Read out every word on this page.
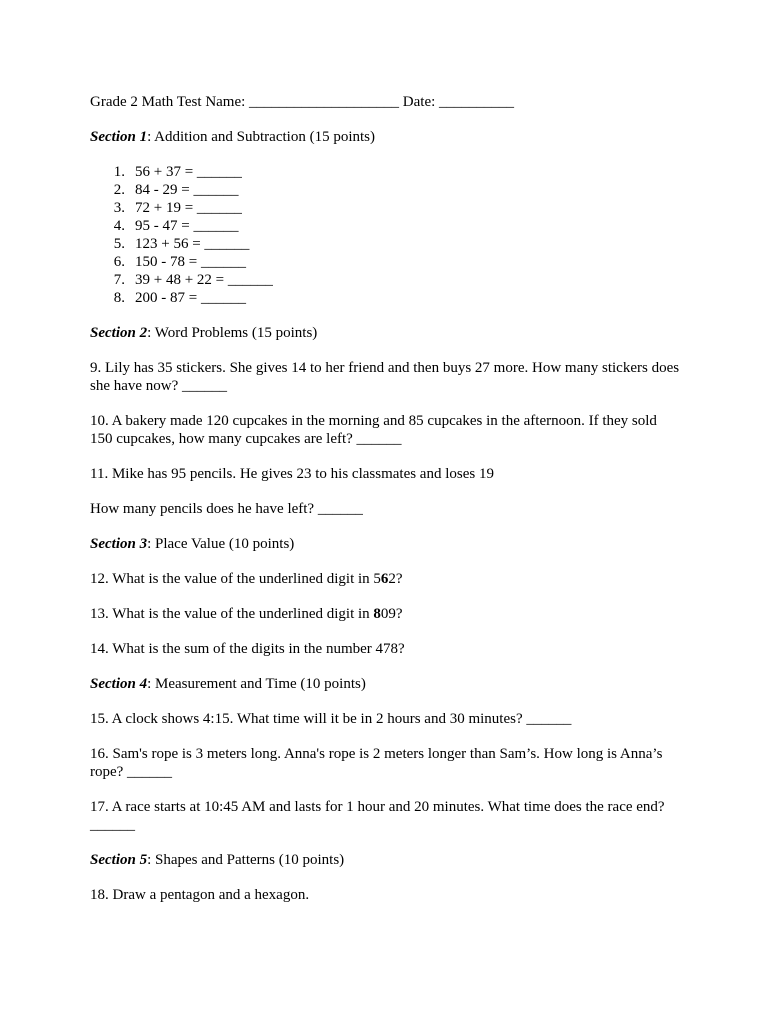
Grade 2 Math Test Name: ____________________ Date: __________

Section 1: Addition and Subtraction (15 points)

1. 56 + 37 = ______
2. 84 - 29 = ______
3. 72 + 19 = ______
4. 95 - 47 = ______
5. 123 + 56 = ______
6. 150 - 78 = ______
7. 39 + 48 + 22 = ______
8. 200 - 87 = ______

Section 2: Word Problems (15 points)

9. Lily has 35 stickers. She gives 14 to her friend and then buys 27 more. How many stickers does she have now? ______

10. A bakery made 120 cupcakes in the morning and 85 cupcakes in the afternoon. If they sold 150 cupcakes, how many cupcakes are left? ______

11. Mike has 95 pencils. He gives 23 to his classmates and loses 19

How many pencils does he have left? ______

Section 3: Place Value (10 points)

12. What is the value of the underlined digit in 562?

13. What is the value of the underlined digit in 809?

14. What is the sum of the digits in the number 478?

Section 4: Measurement and Time (10 points)

15. A clock shows 4:15. What time will it be in 2 hours and 30 minutes? ______

16. Sam's rope is 3 meters long. Anna's rope is 2 meters longer than Sam’s. How long is Anna’s rope? ______

17. A race starts at 10:45 AM and lasts for 1 hour and 20 minutes. What time does the race end? ______

Section 5: Shapes and Patterns (10 points)

18. Draw a pentagon and a hexagon.
